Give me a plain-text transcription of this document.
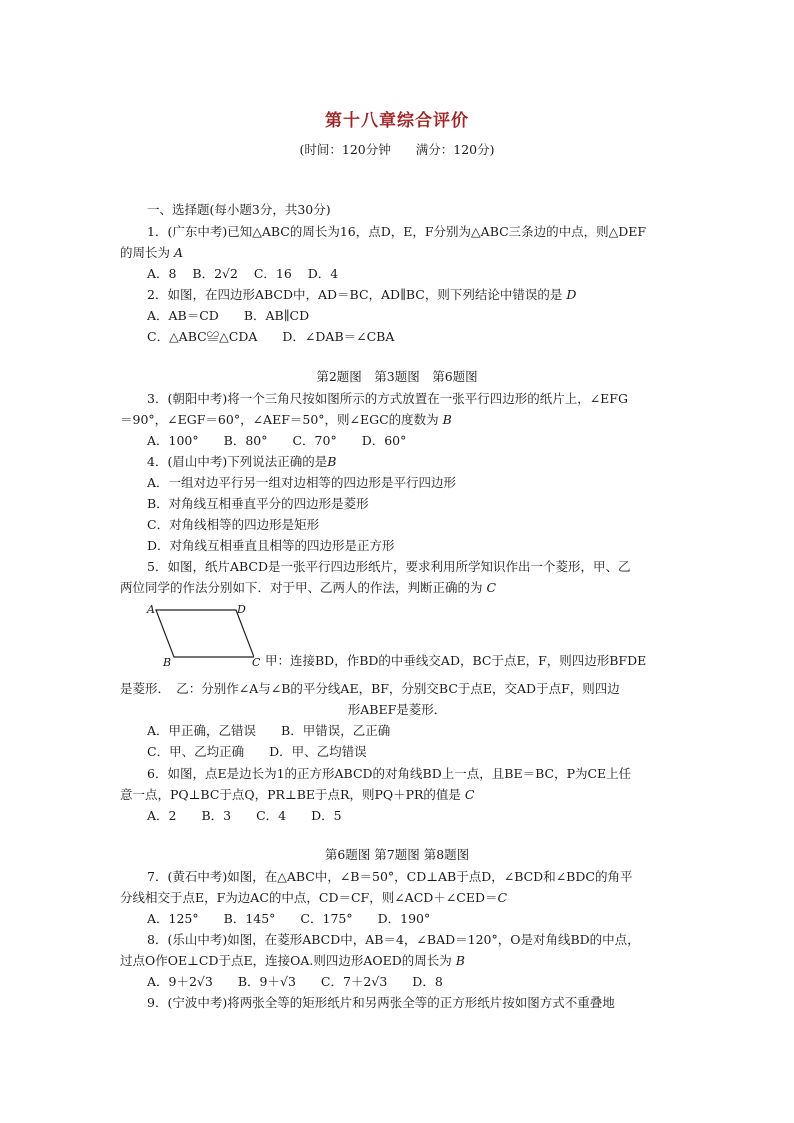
第十八章综合评价
(时间：120分钟　　满分：120分)
一、选择题(每小题3分，共30分)
1．(广东中考)已知△ABC的周长为16，点D，E，F分别为△ABC三条边的中点，则△DEF
的周长为 A
A．8 B．2√2 C．16 D．4
2．如图，在四边形ABCD中，AD＝BC，AD∥BC，则下列结论中错误的是 D
A．AB＝CD　　B．AB∥CD
C．△ABC≌△CDA　　D．∠DAB＝∠CBA
第2题图　第3题图　第6题图
3．(朝阳中考)将一个三角尺按如图所示的方式放置在一张平行四边形的纸片上，∠EFG
＝90°，∠EGF＝60°，∠AEF＝50°，则∠EGC的度数为 B
A．100°　　B．80°　　C．70°　　D．60°
4．(眉山中考)下列说法正确的是B
A．一组对边平行另一组对边相等的四边形是平行四边形
B．对角线互相垂直平分的四边形是菱形
C．对角线相等的四边形是矩形
D．对角线互相垂直且相等的四边形是正方形
5．如图，纸片ABCD是一张平行四边形纸片，要求利用所学知识作出一个菱形，甲、乙
两位同学的作法分别如下．对于甲、乙两人的作法，判断正确的为 C
A	D
B	C 甲：连接BD，作BD的中垂线交AD，BC于点E，F，则四边形BFDE
是菱形．　乙：分别作∠A与∠B的平分线AE，BF，分别交BC于点E，交AD于点F，则四边
形ABEF是菱形．
A．甲正确，乙错误　　B．甲错误，乙正确
C．甲、乙均正确　　D．甲、乙均错误
6．如图，点E是边长为1的正方形ABCD的对角线BD上一点，且BE＝BC，P为CE上任
意一点，PQ⊥BC于点Q，PR⊥BE于点R，则PQ＋PR的值是 C
A．2　　B．3　　C．4　　D．5
第6题图 第7题图 第8题图
7．(黄石中考)如图，在△ABC中，∠B＝50°，CD⊥AB于点D，∠BCD和∠BDC的角平
分线相交于点E，F为边AC的中点，CD＝CF，则∠ACD＋∠CED＝C
A．125°　　B．145°　　C．175°　　D．190°
8．(乐山中考)如图，在菱形ABCD中，AB＝4，∠BAD＝120°，O是对角线BD的中点，
过点O作OE⊥CD于点E，连接OA.则四边形AOED的周长为 B
A．9＋2√3　　B．9＋√3　　C．7＋2√3　　D．8
9．(宁波中考)将两张全等的矩形纸片和另两张全等的正方形纸片按如图方式不重叠地
